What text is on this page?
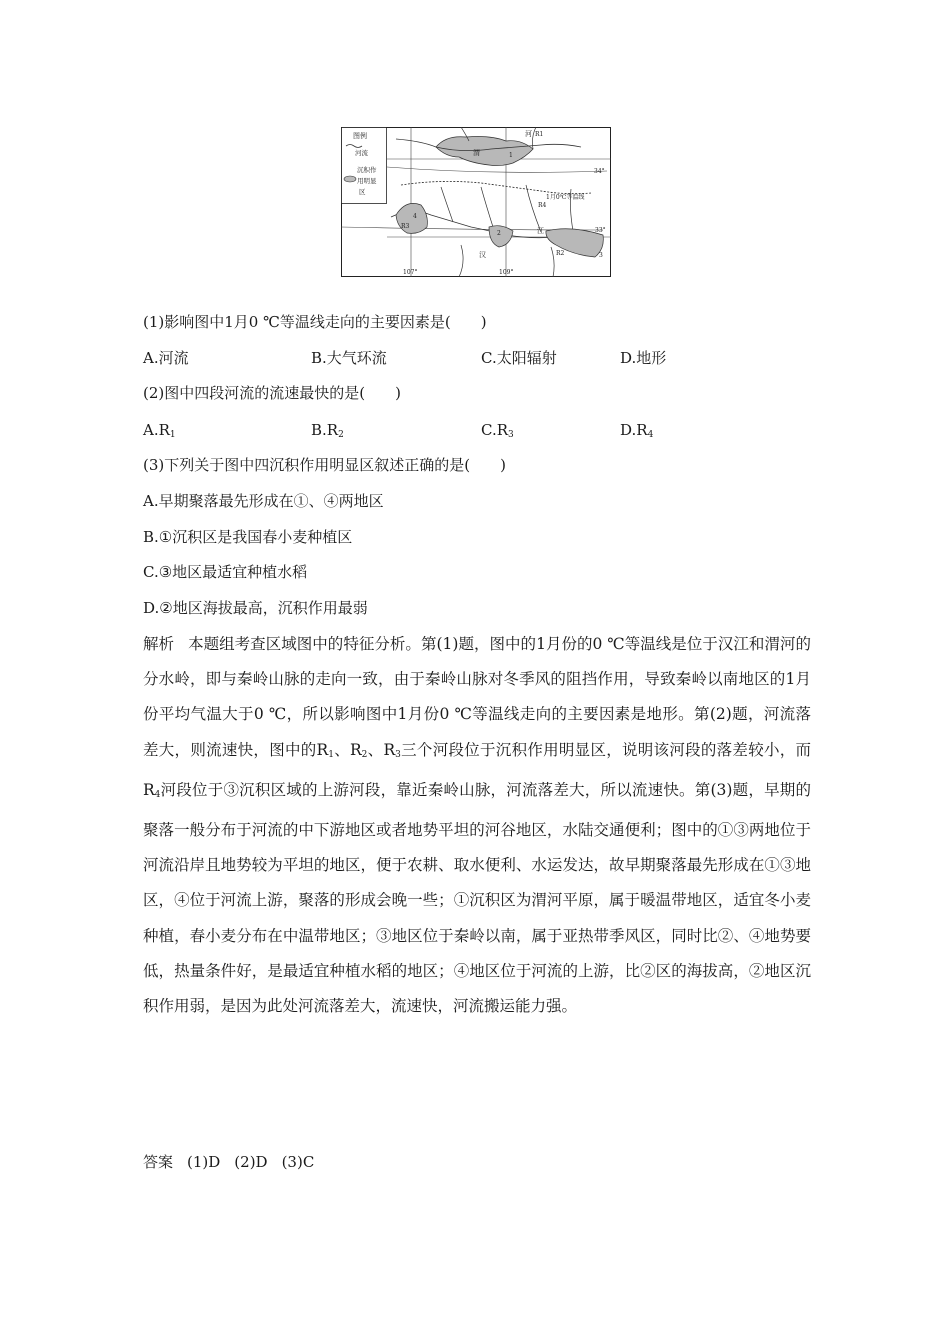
图例
河流
沉积作
用明显
区
河 R1
渭	1
34°
1月0℃等温线
R4
4
R3
2	江	33°
汉	R2	3
107°	109°
(1)影响图中1月0 ℃等温线走向的主要因素是(　　)
A.河流	B.大气环流	C.太阳辐射	D.地形
(2)图中四段河流的流速最快的是(　　)
$A.R_1$	$B.R_2$	$C.R_3$	$D.R_4$
(3)下列关于图中四沉积作用明显区叙述正确的是(　　)
A.早期聚落最先形成在①、④两地区
B.①沉积区是我国春小麦种植区
C.③地区最适宜种植水稻
D.②地区海拔最高，沉积作用最弱

解析 本题组考查区域图中的特征分析。第(1)题，图中的1月份的0 ℃等温线是位于汉江和渭河的分水岭，即与秦岭山脉的走向一致，由于秦岭山脉对冬季风的阻挡作用，导致秦岭以南地区的1月份平均气温大于0 ℃，所以影响图中1月份0 ℃等温线走向的主要因素是地形。第(2)题，河流落差大，则流速快，图中的$R_1$、$R_2$、$R_3$三个河段位于沉积作用明显区，说明该河段的落差较小，而$R_4$河段位于③沉积区域的上游河段，靠近秦岭山脉，河流落差大，所以流速快。第(3)题，早期的聚落一般分布于河流的中下游地区或者地势平坦的河谷地区，水陆交通便利；图中的①③两地位于河流沿岸且地势较为平坦的地区，便于农耕、取水便利、水运发达，故早期聚落最先形成在①③地区，④位于河流上游，聚落的形成会晚一些；①沉积区为渭河平原，属于暖温带地区，适宜冬小麦种植，春小麦分布在中温带地区；③地区位于秦岭以南，属于亚热带季风区，同时比②、④地势要低，热量条件好，是最适宜种植水稻的地区；④地区位于河流的上游，比②区的海拔高，②地区沉积作用弱，是因为此处河流落差大，流速快，河流搬运能力强。

答案 (1)D (2)D (3)C
